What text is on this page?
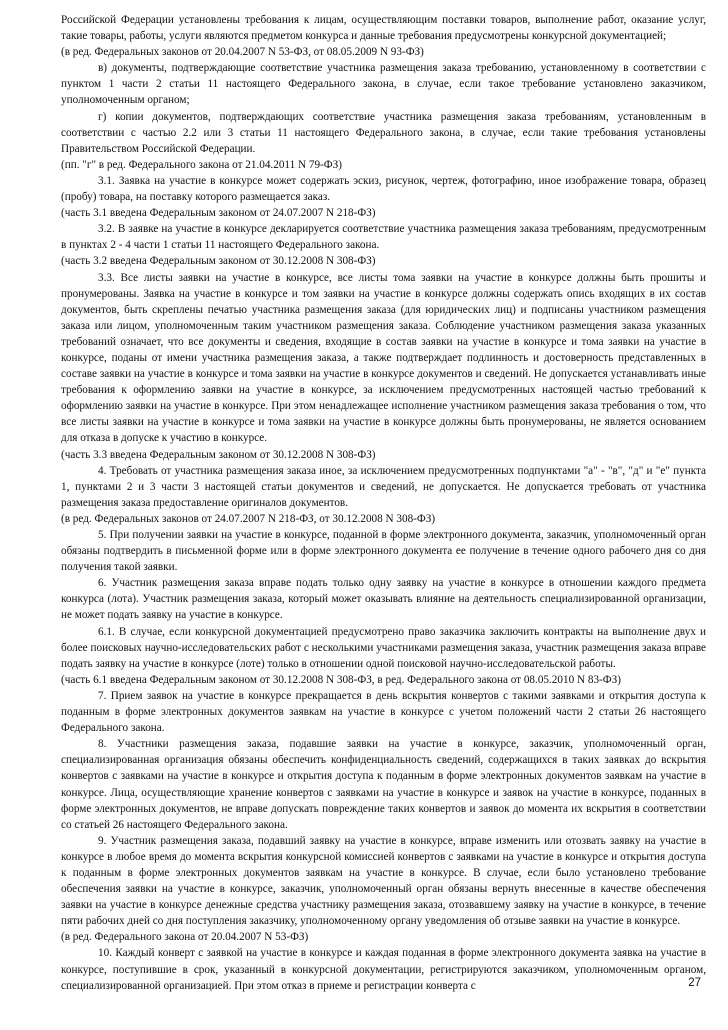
Российской Федерации установлены требования к лицам, осуществляющим поставки товаров, выполнение работ, оказание услуг, такие товары, работы, услуги являются предметом конкурса и данные требования предусмотрены конкурсной документацией;

(в ред. Федеральных законов от 20.04.2007 N 53-ФЗ, от 08.05.2009 N 93-ФЗ)

в) документы, подтверждающие соответствие участника размещения заказа требованию, установленному в соответствии с пунктом 1 части 2 статьи 11 настоящего Федерального закона, в случае, если такое требование установлено заказчиком, уполномоченным органом;

г) копии документов, подтверждающих соответствие участника размещения заказа требованиям, установленным в соответствии с частью 2.2 или 3 статьи 11 настоящего Федерального закона, в случае, если такие требования установлены Правительством Российской Федерации.

(пп. "г" в ред. Федерального закона от 21.04.2011 N 79-ФЗ)

3.1. Заявка на участие в конкурсе может содержать эскиз, рисунок, чертеж, фотографию, иное изображение товара, образец (пробу) товара, на поставку которого размещается заказ.

(часть 3.1 введена Федеральным законом от 24.07.2007 N 218-ФЗ)

3.2. В заявке на участие в конкурсе декларируется соответствие участника размещения заказа требованиям, предусмотренным в пунктах 2 - 4 части 1 статьи 11 настоящего Федерального закона.

(часть 3.2 введена Федеральным законом от 30.12.2008 N 308-ФЗ)

3.3. Все листы заявки на участие в конкурсе, все листы тома заявки на участие в конкурсе должны быть прошиты и пронумерованы. Заявка на участие в конкурсе и том заявки на участие в конкурсе должны содержать опись входящих в их состав документов, быть скреплены печатью участника размещения заказа (для юридических лиц) и подписаны участником размещения заказа или лицом, уполномоченным таким участником размещения заказа. Соблюдение участником размещения заказа указанных требований означает, что все документы и сведения, входящие в состав заявки на участие в конкурсе и тома заявки на участие в конкурсе, поданы от имени участника размещения заказа, а также подтверждает подлинность и достоверность представленных в составе заявки на участие в конкурсе и тома заявки на участие в конкурсе документов и сведений. Не допускается устанавливать иные требования к оформлению заявки на участие в конкурсе, за исключением предусмотренных настоящей частью требований к оформлению заявки на участие в конкурсе. При этом ненадлежащее исполнение участником размещения заказа требования о том, что все листы заявки на участие в конкурсе и тома заявки на участие в конкурсе должны быть пронумерованы, не является основанием для отказа в допуске к участию в конкурсе.

(часть 3.3 введена Федеральным законом от 30.12.2008 N 308-ФЗ)

4. Требовать от участника размещения заказа иное, за исключением предусмотренных подпунктами "а" - "в", "д" и "е" пункта 1, пунктами 2 и 3 части 3 настоящей статьи документов и сведений, не допускается. Не допускается требовать от участника размещения заказа предоставление оригиналов документов.

(в ред. Федеральных законов от 24.07.2007 N 218-ФЗ, от 30.12.2008 N 308-ФЗ)

5. При получении заявки на участие в конкурсе, поданной в форме электронного документа, заказчик, уполномоченный орган обязаны подтвердить в письменной форме или в форме электронного документа ее получение в течение одного рабочего дня со дня получения такой заявки.

6. Участник размещения заказа вправе подать только одну заявку на участие в конкурсе в отношении каждого предмета конкурса (лота). Участник размещения заказа, который может оказывать влияние на деятельность специализированной организации, не может подать заявку на участие в конкурсе.

6.1. В случае, если конкурсной документацией предусмотрено право заказчика заключить контракты на выполнение двух и более поисковых научно-исследовательских работ с несколькими участниками размещения заказа, участник размещения заказа вправе подать заявку на участие в конкурсе (лоте) только в отношении одной поисковой научно-исследовательской работы.

(часть 6.1 введена Федеральным законом от 30.12.2008 N 308-ФЗ, в ред. Федерального закона от 08.05.2010 N 83-ФЗ)

7. Прием заявок на участие в конкурсе прекращается в день вскрытия конвертов с такими заявками и открытия доступа к поданным в форме электронных документов заявкам на участие в конкурсе с учетом положений части 2 статьи 26 настоящего Федерального закона.

8. Участники размещения заказа, подавшие заявки на участие в конкурсе, заказчик, уполномоченный орган, специализированная организация обязаны обеспечить конфиденциальность сведений, содержащихся в таких заявках до вскрытия конвертов с заявками на участие в конкурсе и открытия доступа к поданным в форме электронных документов заявкам на участие в конкурсе. Лица, осуществляющие хранение конвертов с заявками на участие в конкурсе и заявок на участие в конкурсе, поданных в форме электронных документов, не вправе допускать повреждение таких конвертов и заявок до момента их вскрытия в соответствии со статьей 26 настоящего Федерального закона.

9. Участник размещения заказа, подавший заявку на участие в конкурсе, вправе изменить или отозвать заявку на участие в конкурсе в любое время до момента вскрытия конкурсной комиссией конвертов с заявками на участие в конкурсе и открытия доступа к поданным в форме электронных документов заявкам на участие в конкурсе. В случае, если было установлено требование обеспечения заявки на участие в конкурсе, заказчик, уполномоченный орган обязаны вернуть внесенные в качестве обеспечения заявки на участие в конкурсе денежные средства участнику размещения заказа, отозвавшему заявку на участие в конкурсе, в течение пяти рабочих дней со дня поступления заказчику, уполномоченному органу уведомления об отзыве заявки на участие в конкурсе.

(в ред. Федерального закона от 20.04.2007 N 53-ФЗ)

10. Каждый конверт с заявкой на участие в конкурсе и каждая поданная в форме электронного документа заявка на участие в конкурсе, поступившие в срок, указанный в конкурсной документации, регистрируются заказчиком, уполномоченным органом, специализированной организацией. При этом отказ в приеме и регистрации конверта с	27
